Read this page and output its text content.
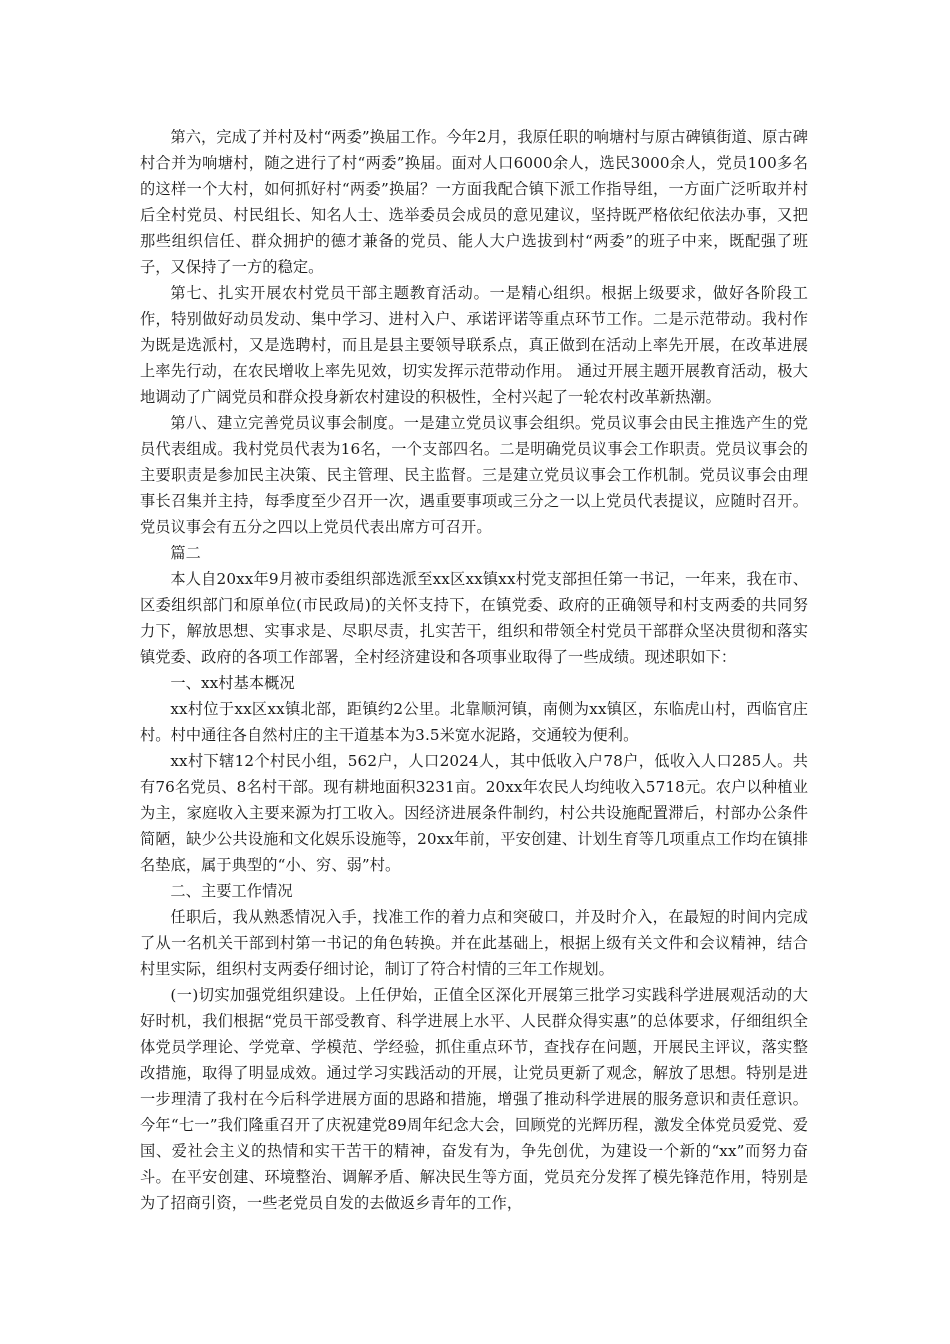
第六，完成了并村及村“两委”换届工作。今年2月，我原任职的响塘村与原古碑镇街道、原古碑村合并为响塘村，随之进行了村“两委”换届。面对人口6000余人，选民3000余人，党员100多名的这样一个大村，如何抓好村“两委”换届？一方面我配合镇下派工作指导组，一方面广泛听取并村后全村党员、村民组长、知名人士、选举委员会成员的意见建议，坚持既严格依纪依法办事，又把那些组织信任、群众拥护的德才兼备的党员、能人大户选拔到村“两委”的班子中来，既配强了班子，又保持了一方的稳定。

第七、扎实开展农村党员干部主题教育活动。一是精心组织。根据上级要求，做好各阶段工作，特别做好动员发动、集中学习、进村入户、承诺评诺等重点环节工作。二是示范带动。我村作为既是选派村，又是选聘村，而且是县主要领导联系点，真正做到在活动上率先开展，在改革进展上率先行动，在农民增收上率先见效，切实发挥示范带动作用。 通过开展主题开展教育活动，极大地调动了广阔党员和群众投身新农村建设的积极性，全村兴起了一轮农村改革新热潮。

第八、建立完善党员议事会制度。一是建立党员议事会组织。党员议事会由民主推选产生的党员代表组成。我村党员代表为16名，一个支部四名。二是明确党员议事会工作职责。党员议事会的主要职责是参加民主决策、民主管理、民主监督。三是建立党员议事会工作机制。党员议事会由理事长召集并主持，每季度至少召开一次，遇重要事项或三分之一以上党员代表提议，应随时召开。党员议事会有五分之四以上党员代表出席方可召开。

篇二

本人自20xx年9月被市委组织部选派至xx区xx镇xx村党支部担任第一书记，一年来，我在市、区委组织部门和原单位(市民政局)的关怀支持下，在镇党委、政府的正确领导和村支两委的共同努力下，解放思想、实事求是、尽职尽责，扎实苦干，组织和带领全村党员干部群众坚决贯彻和落实镇党委、政府的各项工作部署，全村经济建设和各项事业取得了一些成绩。现述职如下：

一、xx村基本概况

xx村位于xx区xx镇北部，距镇约2公里。北靠顺河镇，南侧为xx镇区，东临虎山村，西临官庄村。村中通往各自然村庄的主干道基本为3.5米宽水泥路，交通较为便利。

xx村下辖12个村民小组，562户，人口2024人，其中低收入户78户，低收入人口285人。共有76名党员、8名村干部。现有耕地面积3231亩。20xx年农民人均纯收入5718元。农户以种植业为主，家庭收入主要来源为打工收入。因经济进展条件制约，村公共设施配置滞后，村部办公条件简陋，缺少公共设施和文化娱乐设施等，20xx年前，平安创建、计划生育等几项重点工作均在镇排名垫底，属于典型的“小、穷、弱”村。

二、主要工作情况

任职后，我从熟悉情况入手，找准工作的着力点和突破口，并及时介入，在最短的时间内完成了从一名机关干部到村第一书记的角色转换。并在此基础上，根据上级有关文件和会议精神，结合村里实际，组织村支两委仔细讨论，制订了符合村情的三年工作规划。

(一)切实加强党组织建设。上任伊始，正值全区深化开展第三批学习实践科学进展观活动的大好时机，我们根据“党员干部受教育、科学进展上水平、人民群众得实惠”的总体要求，仔细组织全体党员学理论、学党章、学模范、学经验，抓住重点环节，查找存在问题，开展民主评议，落实整改措施，取得了明显成效。通过学习实践活动的开展，让党员更新了观念，解放了思想。特别是进一步理清了我村在今后科学进展方面的思路和措施，增强了推动科学进展的服务意识和责任意识。今年“七一”我们隆重召开了庆祝建党89周年纪念大会，回顾党的光辉历程，激发全体党员爱党、爱国、爱社会主义的热情和实干苦干的精神，奋发有为，争先创优，为建设一个新的“xx”而努力奋斗。在平安创建、环境整治、调解矛盾、解决民生等方面，党员充分发挥了模先锋范作用，特别是为了招商引资，一些老党员自发的去做返乡青年的工作，
